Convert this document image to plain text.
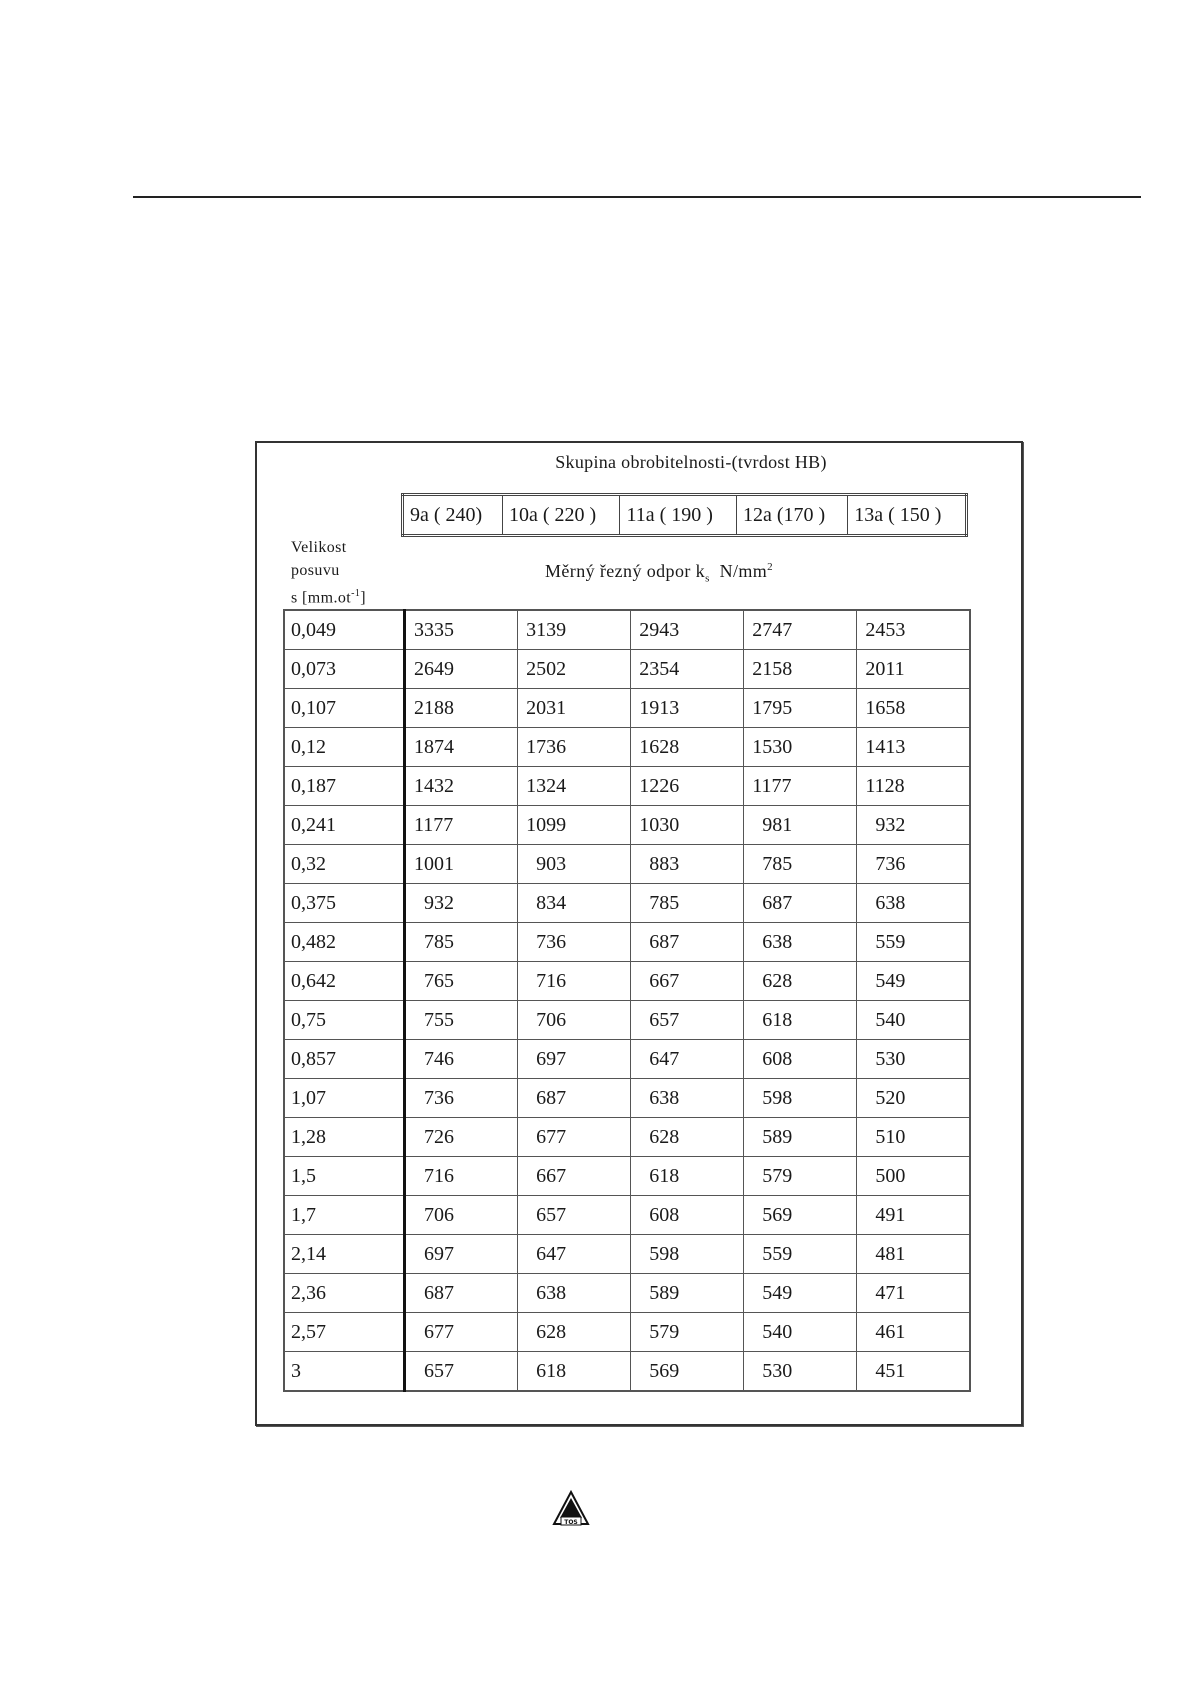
Skupina obrobitelnosti-(tvrdost HB)
9a ( 240)	10a ( 220 )	11a ( 190 )	12a (170 )	13a ( 150 )
Velikost
posuvu
s $[mm.ot^{-1}]$
Měrný řezný odpor $k_s$ $N/mm^2$
0,049	3335	3139	2943	2747	2453
0,073	2649	2502	2354	2158	2011
0,107	2188	2031	1913	1795	1658
0,12	1874	1736	1628	1530	1413
0,187	1432	1324	1226	1177	1128
0,241	1177	1099	1030	981	932
0,32	1001	903	883	785	736
0,375	932	834	785	687	638
0,482	785	736	687	638	559
0,642	765	716	667	628	549
0,75	755	706	657	618	540
0,857	746	697	647	608	530
1,07	736	687	638	598	520
1,28	726	677	628	589	510
1,5	716	667	618	579	500
1,7	706	657	608	569	491
2,14	697	647	598	559	481
2,36	687	638	589	549	471
2,57	677	628	579	540	461
3	657	618	569	530	451
TOS
